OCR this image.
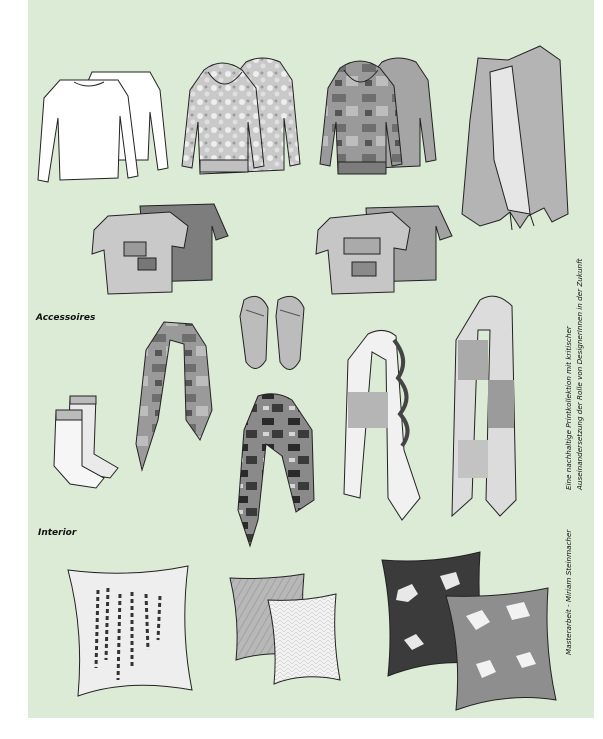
Accessoires
Interior
Eine nachhaltige Printkollektion mit kritischer Auseinandersetzung der Rolle von DesignerInnen in der Zukunft
Masterarbeit - Miriam Steinmacher
